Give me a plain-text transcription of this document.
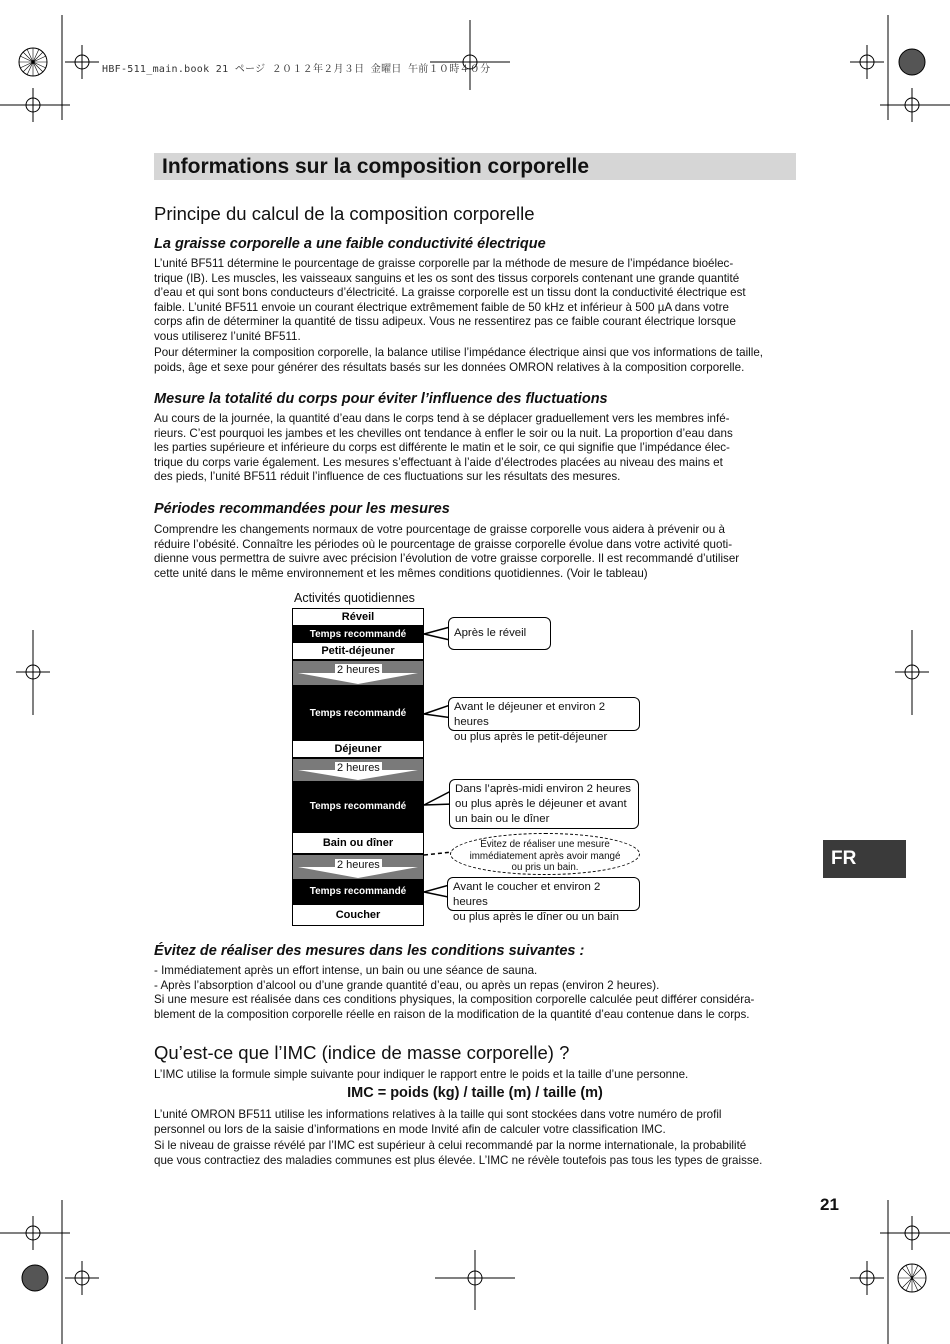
HBF-511_main.book 21 ページ ２０１２年２月３日 金曜日 午前１０時４０分
Informations sur la composition corporelle
Principe du calcul de la composition corporelle
La graisse corporelle a une faible conductivité électrique
L’unité BF511 détermine le pourcentage de graisse corporelle par la méthode de mesure de l’impédance bioélec-
trique (IB). Les muscles, les vaisseaux sanguins et les os sont des tissus corporels contenant une grande quantité
d’eau et qui sont bons conducteurs d’électricité. La graisse corporelle est un tissu dont la conductivité électrique est
faible. L’unité BF511 envoie un courant électrique extrêmement faible de 50 kHz et inférieur à 500 µA dans votre
corps afin de déterminer la quantité de tissu adipeux. Vous ne ressentirez pas ce faible courant électrique lorsque
vous utiliserez l’unité BF511.
Pour déterminer la composition corporelle, la balance utilise l’impédance électrique ainsi que vos informations de taille,
poids, âge et sexe pour générer des résultats basés sur les données OMRON relatives à la composition corporelle.
Mesure la totalité du corps pour éviter l’influence des fluctuations
Au cours de la journée, la quantité d’eau dans le corps tend à se déplacer graduellement vers les membres infé-
rieurs. C’est pourquoi les jambes et les chevilles ont tendance à enfler le soir ou la nuit. La proportion d’eau dans
les parties supérieure et inférieure du corps est différente le matin et le soir, ce qui signifie que l’impédance élec-
trique du corps varie également. Les mesures s’effectuant à l’aide d’électrodes placées au niveau des mains et
des pieds, l’unité BF511 réduit l’influence de ces fluctuations sur les résultats des mesures.
Périodes recommandées pour les mesures
Comprendre les changements normaux de votre pourcentage de graisse corporelle vous aidera à prévenir ou à
réduire l’obésité. Connaître les périodes où le pourcentage de graisse corporelle évolue dans votre activité quoti-
dienne vous permettra de suivre avec précision l’évolution de votre graisse corporelle. Il est recommandé d’utiliser
cette unité dans le même environnement et les mêmes conditions quotidiennes. (Voir le tableau)
Activités quotidiennes
Réveil
Temps recommandé
Petit-déjeuner
2 heures
Temps recommandé
Déjeuner
2 heures
Temps recommandé
Bain ou dîner
2 heures
Temps recommandé
Coucher
Après le réveil
Avant le déjeuner et environ 2 heures
ou plus après le petit-déjeuner
Dans l’après-midi environ 2 heures
ou plus après le déjeuner et avant
un bain ou le dîner
Évitez de réaliser une mesure
immédiatement après avoir mangé
ou pris un bain.
Avant le coucher et environ 2 heures
ou plus après le dîner ou un bain
FR
Évitez de réaliser des mesures dans les conditions suivantes :
- Immédiatement après un effort intense, un bain ou une séance de sauna.
- Après l’absorption d’alcool ou d’une grande quantité d’eau, ou après un repas (environ 2 heures).
Si une mesure est réalisée dans ces conditions physiques, la composition corporelle calculée peut différer considéra-
blement de la composition corporelle réelle en raison de la modification de la quantité d’eau contenue dans le corps.
Qu’est-ce que l’IMC (indice de masse corporelle) ?
L’IMC utilise la formule simple suivante pour indiquer le rapport entre le poids et la taille d’une personne.
IMC = poids (kg) / taille (m) / taille (m)
L’unité OMRON BF511 utilise les informations relatives à la taille qui sont stockées dans votre numéro de profil
personnel ou lors de la saisie d’informations en mode Invité afin de calculer votre classification IMC.
Si le niveau de graisse révélé par l’IMC est supérieur à celui recommandé par la norme internationale, la probabilité
que vous contractiez des maladies communes est plus élevée. L’IMC ne révèle toutefois pas tous les types de graisse.
21
